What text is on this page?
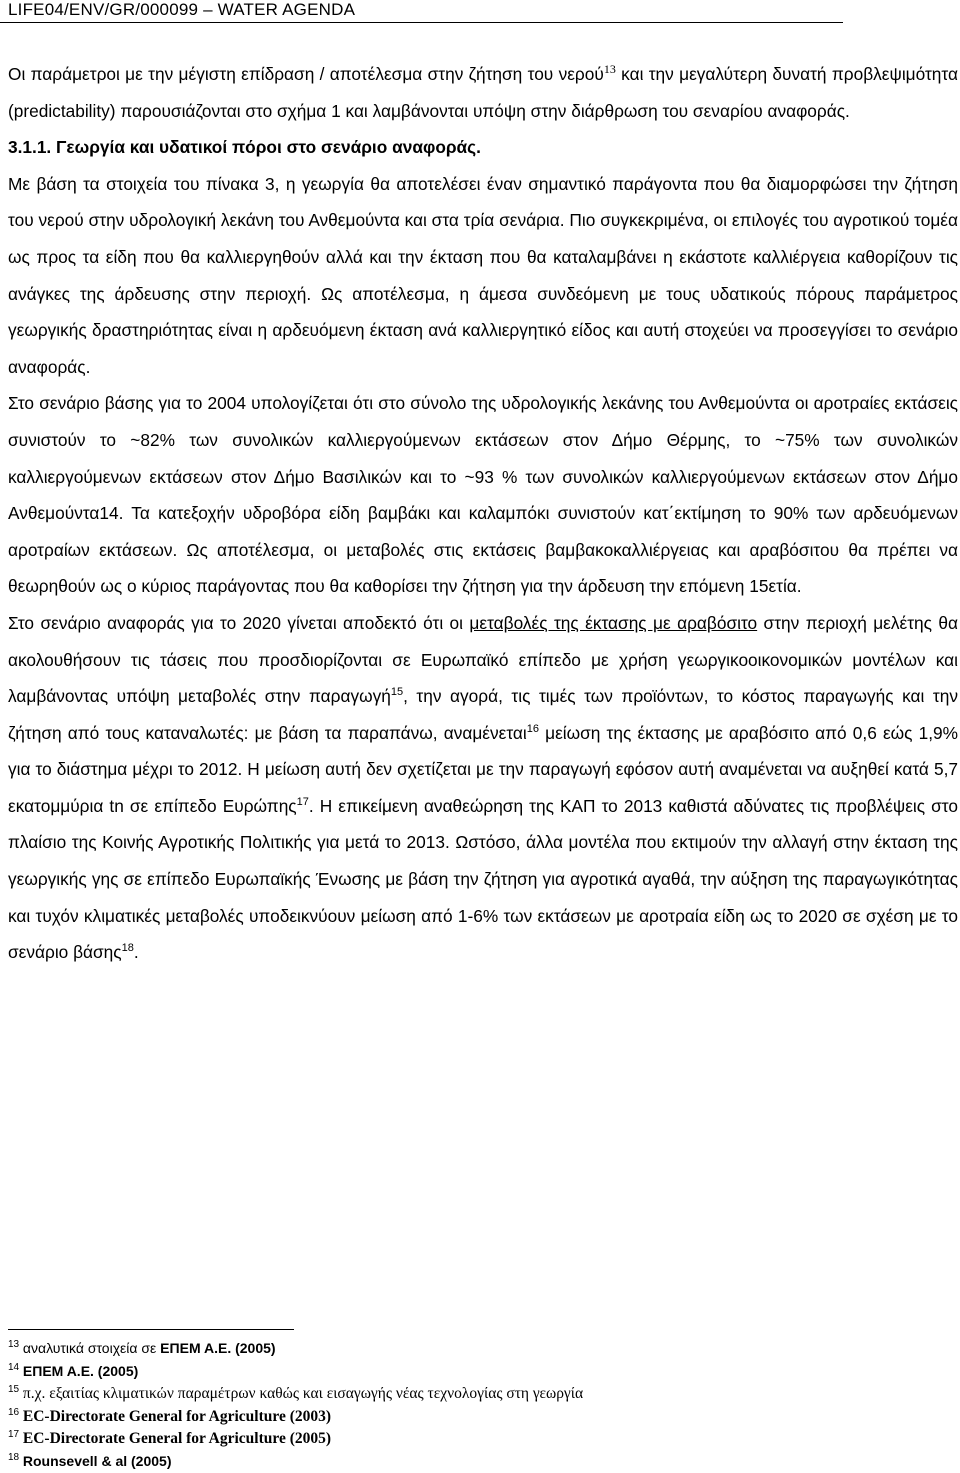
LIFE04/ENV/GR/000099 – WATER AGENDA

Οι παράμετροι με την μέγιστη επίδραση / αποτέλεσμα στην ζήτηση του νερού$^{13}$ και την μεγαλύτερη δυνατή προβλεψιμότητα (predictability) παρουσιάζονται στο σχήμα 1 και λαμβάνονται υπόψη στην διάρθρωση του σεναρίου αναφοράς.

3.1.1. Γεωργία και υδατικοί πόροι στο σενάριο αναφοράς.

Με βάση τα στοιχεία του πίνακα 3, η γεωργία θα αποτελέσει έναν σημαντικό παράγοντα που θα διαμορφώσει την ζήτηση του νερού στην υδρολογική λεκάνη του Ανθεμούντα και στα τρία σενάρια. Πιο συγκεκριμένα, οι επιλογές του αγροτικού τομέα ως προς τα είδη που θα καλλιεργηθούν αλλά και την έκταση που θα καταλαμβάνει η εκάστοτε καλλιέργεια καθορίζουν τις ανάγκες της άρδευσης στην περιοχή. Ως αποτέλεσμα, η άμεσα συνδεόμενη με τους υδατικούς πόρους παράμετρος γεωργικής δραστηριότητας είναι η αρδευόμενη έκταση ανά καλλιεργητικό είδος και αυτή στοχεύει να προσεγγίσει το σενάριο αναφοράς.

Στο σενάριο βάσης για το 2004 υπολογίζεται ότι στο σύνολο της υδρολογικής λεκάνης του Ανθεμούντα οι αροτραίες εκτάσεις συνιστούν το ~82% των συνολικών καλλιεργούμενων εκτάσεων στον Δήμο Θέρμης, το ~75% των συνολικών καλλιεργούμενων εκτάσεων στον Δήμο Βασιλικών και το ~93 % των συνολικών καλλιεργούμενων εκτάσεων στον Δήμο Ανθεμούντα14. Τα κατεξοχήν υδροβόρα είδη βαμβάκι και καλαμπόκι συνιστούν κατ΄εκτίμηση το 90% των αρδευόμενων αροτραίων εκτάσεων. Ως αποτέλεσμα, οι μεταβολές στις εκτάσεις βαμβακοκαλλιέργειας και αραβόσιτου θα πρέπει να θεωρηθούν ως ο κύριος παράγοντας που θα καθορίσει την ζήτηση για την άρδευση την επόμενη 15ετία.

Στο σενάριο αναφοράς για το 2020 γίνεται αποδεκτό ότι οι μεταβολές της έκτασης με αραβόσιτο στην περιοχή μελέτης θα ακολουθήσουν τις τάσεις που προσδιορίζονται σε Ευρωπαϊκό επίπεδο με χρήση γεωργικοοικονομικών μοντέλων και λαμβάνοντας υπόψη μεταβολές στην παραγωγή$^{15}$, την αγορά, τις τιμές των προϊόντων, το κόστος παραγωγής και την ζήτηση από τους καταναλωτές: με βάση τα παραπάνω, αναμένεται$^{16}$ μείωση της έκτασης με αραβόσιτο από 0,6 εώς 1,9% για το διάστημα μέχρι το 2012. Η μείωση αυτή δεν σχετίζεται με την παραγωγή εφόσον αυτή αναμένεται να αυξηθεί κατά 5,7 εκατομμύρια tn σε επίπεδο Ευρώπης$^{17}$. Η επικείμενη αναθεώρηση της ΚΑΠ το 2013 καθιστά αδύνατες τις προβλέψεις στο πλαίσιο της Κοινής Αγροτικής Πολιτικής για μετά το 2013. Ωστόσο, άλλα μοντέλα που εκτιμούν την αλλαγή στην έκταση της γεωργικής γης σε επίπεδο Ευρωπαϊκής Ένωσης με βάση την ζήτηση για αγροτικά αγαθά, την αύξηση της παραγωγικότητας και τυχόν κλιματικές μεταβολές υποδεικνύουν μείωση από 1-6% των εκτάσεων με αροτραία είδη ως το 2020 σε σχέση με το σενάριο βάσης$^{18}$.

$^{13}$ αναλυτικά στοιχεία σε ΕΠΕΜ Α.Ε. (2005)

$^{14}$ ΕΠΕΜ Α.Ε. (2005)

$^{15}$ π.χ. εξαιτίας κλιματικών παραμέτρων καθώς και εισαγωγής νέας τεχνολογίας στη γεωργία

$^{16}$ EC-Directorate General for Agriculture (2003)

$^{17}$ EC-Directorate General for Agriculture (2005)

$^{18}$ Rounsevell & al (2005)
